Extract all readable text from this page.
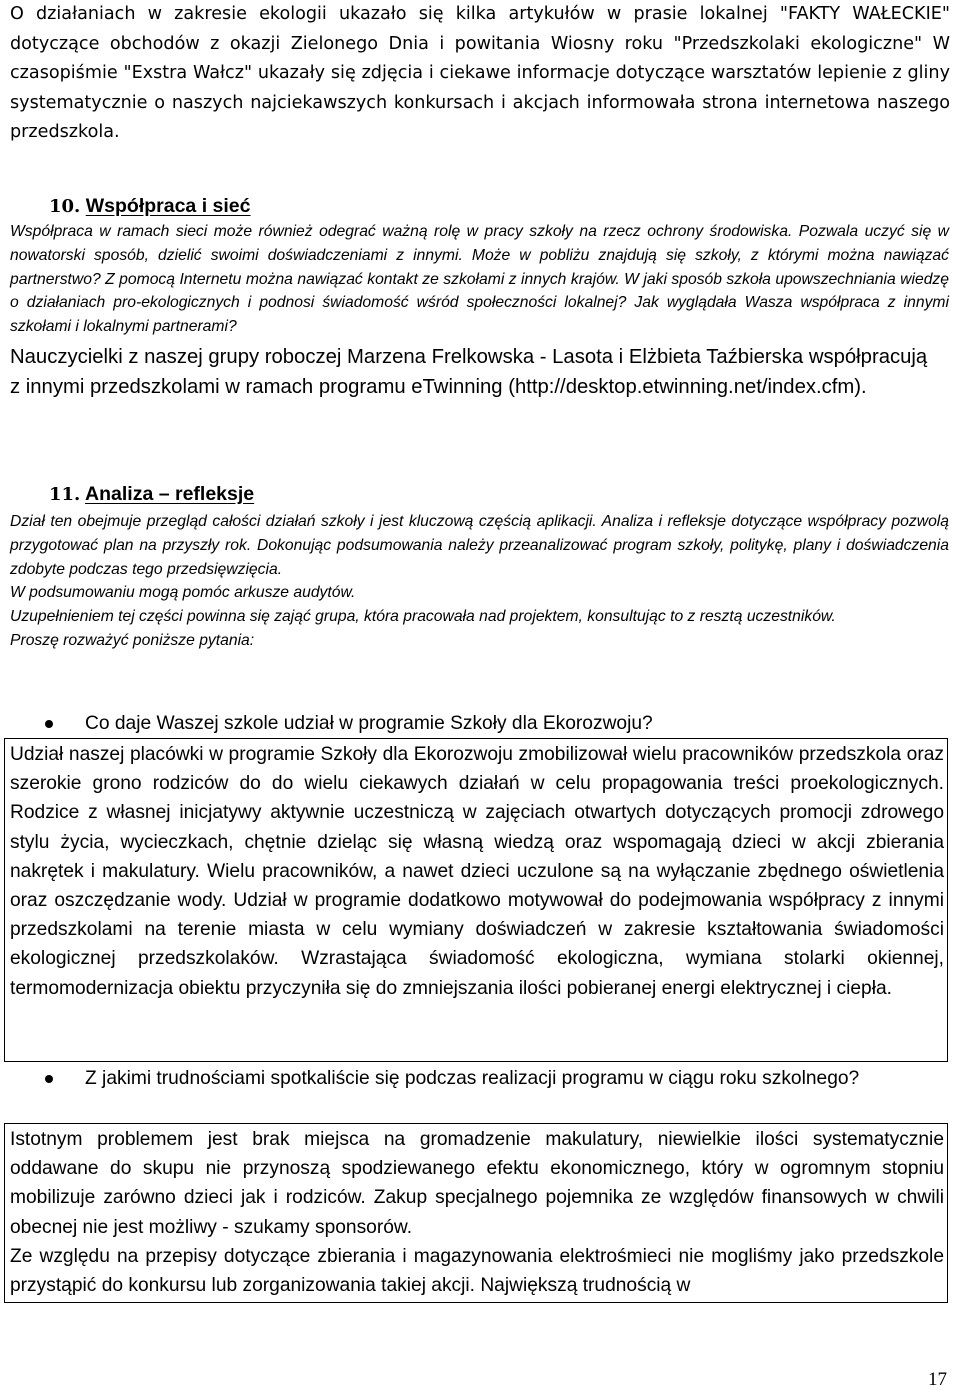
O działaniach w zakresie ekologii ukazało się kilka artykułów w prasie lokalnej "FAKTY WAŁECKIE" dotyczące obchodów z okazji Zielonego Dnia i powitania Wiosny roku "Przedszkolaki ekologiczne" W czasopiśmie "Exstra Wałcz" ukazały się zdjęcia i ciekawe informacje dotyczące warsztatów lepienie z gliny systematycznie o naszych najciekawszych konkursach i akcjach informowała strona internetowa naszego przedszkola.

10. Współpraca i sieć

Współpraca w ramach sieci może również odegrać ważną rolę w pracy szkoły na rzecz ochrony środowiska. Pozwala uczyć się w nowatorski sposób, dzielić swoimi doświadczeniami z innymi. Może w pobliżu znajdują się szkoły, z którymi można nawiązać partnerstwo? Z pomocą Internetu można nawiązać kontakt ze szkołami z innych krajów. W jaki sposób szkoła upowszechniania wiedzę o działaniach pro-ekologicznych i podnosi świadomość wśród społeczności lokalnej? Jak wyglądała Wasza współpraca z innymi szkołami i lokalnymi partnerami?

Nauczycielki z naszej grupy roboczej Marzena Frelkowska - Lasota i Elżbieta Taźbierska współpracują z innymi przedszkolami w ramach programu eTwinning (http://desktop.etwinning.net/index.cfm).

11. Analiza – refleksje
Dział ten obejmuje przegląd całości działań szkoły i jest kluczową częścią aplikacji. Analiza i refleksje dotyczące współpracy pozwolą przygotować plan na przyszły rok. Dokonując podsumowania należy przeanalizować program szkoły, politykę, plany i doświadczenia zdobyte podczas tego przedsięwzięcia.
W podsumowaniu mogą pomóc arkusze audytów.
Uzupełnieniem tej części powinna się zająć grupa, która pracowała nad projektem, konsultując to z resztą uczestników.
Proszę rozważyć poniższe pytania:
Co daje Waszej szkole udział w programie Szkoły dla Ekorozwoju?
Udział naszej placówki w programie Szkoły dla Ekorozwoju zmobilizował wielu pracowników przedszkola oraz szerokie grono rodziców do do wielu ciekawych działań w celu propagowania treści proekologicznych. Rodzice z własnej inicjatywy aktywnie uczestniczą w zajęciach otwartych dotyczących promocji zdrowego stylu życia, wycieczkach, chętnie dzieląc się własną wiedzą oraz wspomagają dzieci w akcji zbierania nakrętek i makulatury. Wielu pracowników, a nawet dzieci uczulone są na wyłączanie zbędnego oświetlenia oraz oszczędzanie wody. Udział w programie dodatkowo motywował do podejmowania współpracy z innymi przedszkolami na terenie miasta w celu wymiany doświadczeń w zakresie kształtowania świadomości ekologicznej przedszkolaków. Wzrastająca świadomość ekologiczna, wymiana stolarki okiennej, termomodernizacja obiektu przyczyniła się do zmniejszania ilości pobieranej energi elektrycznej i ciepła.
Z jakimi trudnościami spotkaliście się podczas realizacji programu w ciągu roku szkolnego?
Istotnym problemem jest brak miejsca na gromadzenie makulatury, niewielkie ilości systematycznie oddawane do skupu nie przynoszą spodziewanego efektu ekonomicznego, który w ogromnym stopniu mobilizuje zarówno dzieci jak i rodziców. Zakup specjalnego pojemnika ze względów finansowych w chwili obecnej nie jest możliwy - szukamy sponsorów.
Ze względu na przepisy dotyczące zbierania i magazynowania elektrośmieci nie mogliśmy jako przedszkole przystąpić do konkursu lub zorganizowania takiej akcji. Największą trudnością w

17
